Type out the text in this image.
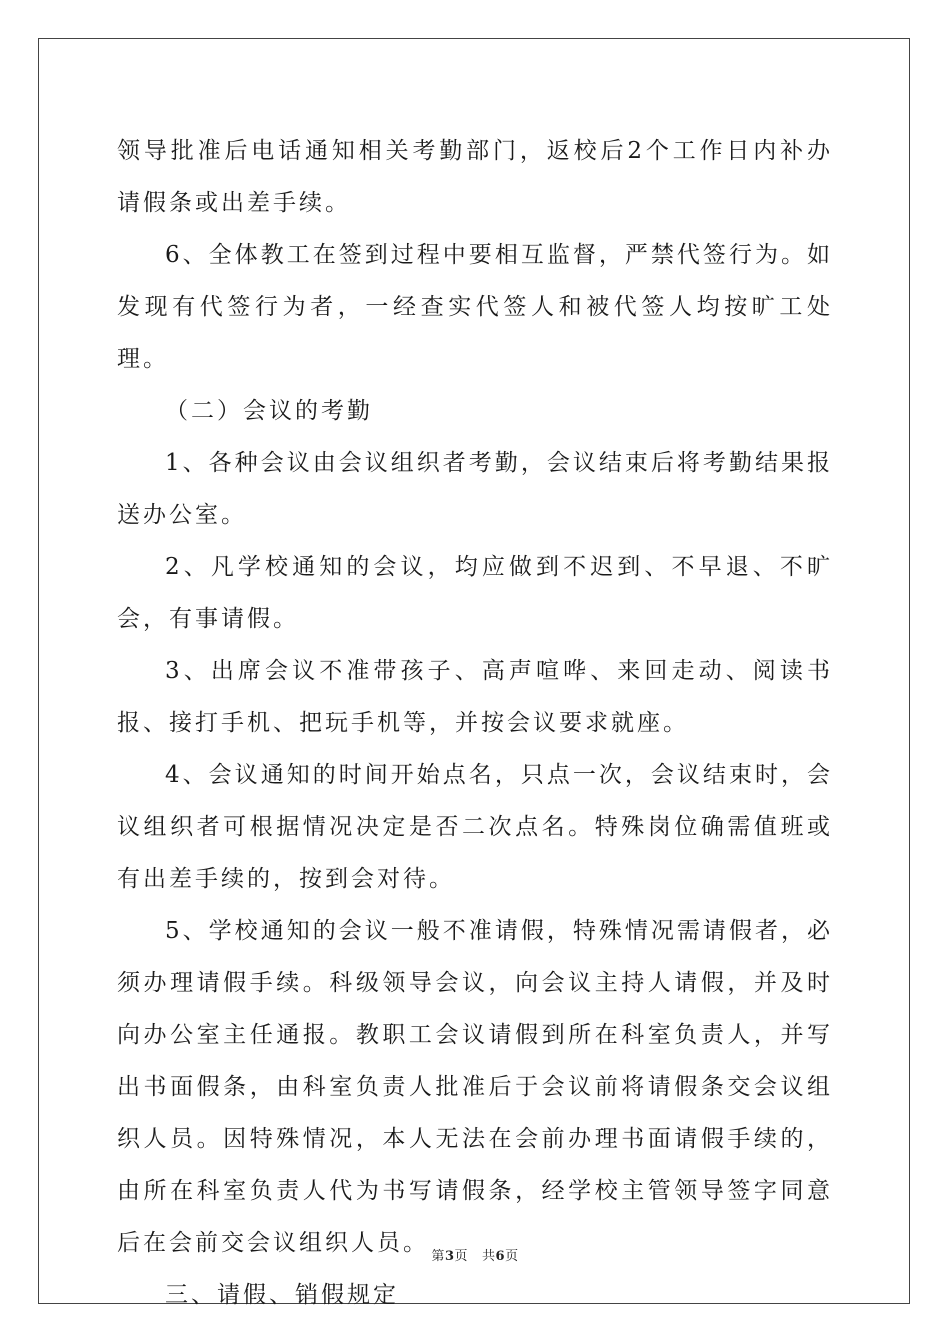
领导批准后电话通知相关考勤部门，返校后2个工作日内补办请假条或出差手续。

6、全体教工在签到过程中要相互监督，严禁代签行为。如发现有代签行为者，一经查实代签人和被代签人均按旷工处理。

（二）会议的考勤

1、各种会议由会议组织者考勤，会议结束后将考勤结果报送办公室。

2、凡学校通知的会议，均应做到不迟到、不早退、不旷会，有事请假。

3、出席会议不准带孩子、高声喧哗、来回走动、阅读书报、接打手机、把玩手机等，并按会议要求就座。

4、会议通知的时间开始点名，只点一次，会议结束时，会议组织者可根据情况决定是否二次点名。特殊岗位确需值班或有出差手续的，按到会对待。

5、学校通知的会议一般不准请假，特殊情况需请假者，必须办理请假手续。科级领导会议，向会议主持人请假，并及时向办公室主任通报。教职工会议请假到所在科室负责人，并写出书面假条，由科室负责人批准后于会议前将请假条交会议组织人员。因特殊情况，本人无法在会前办理书面请假手续的，由所在科室负责人代为书写请假条，经学校主管领导签字同意后在会前交会议组织人员。

三、请假、销假规定

第3页 共6页
